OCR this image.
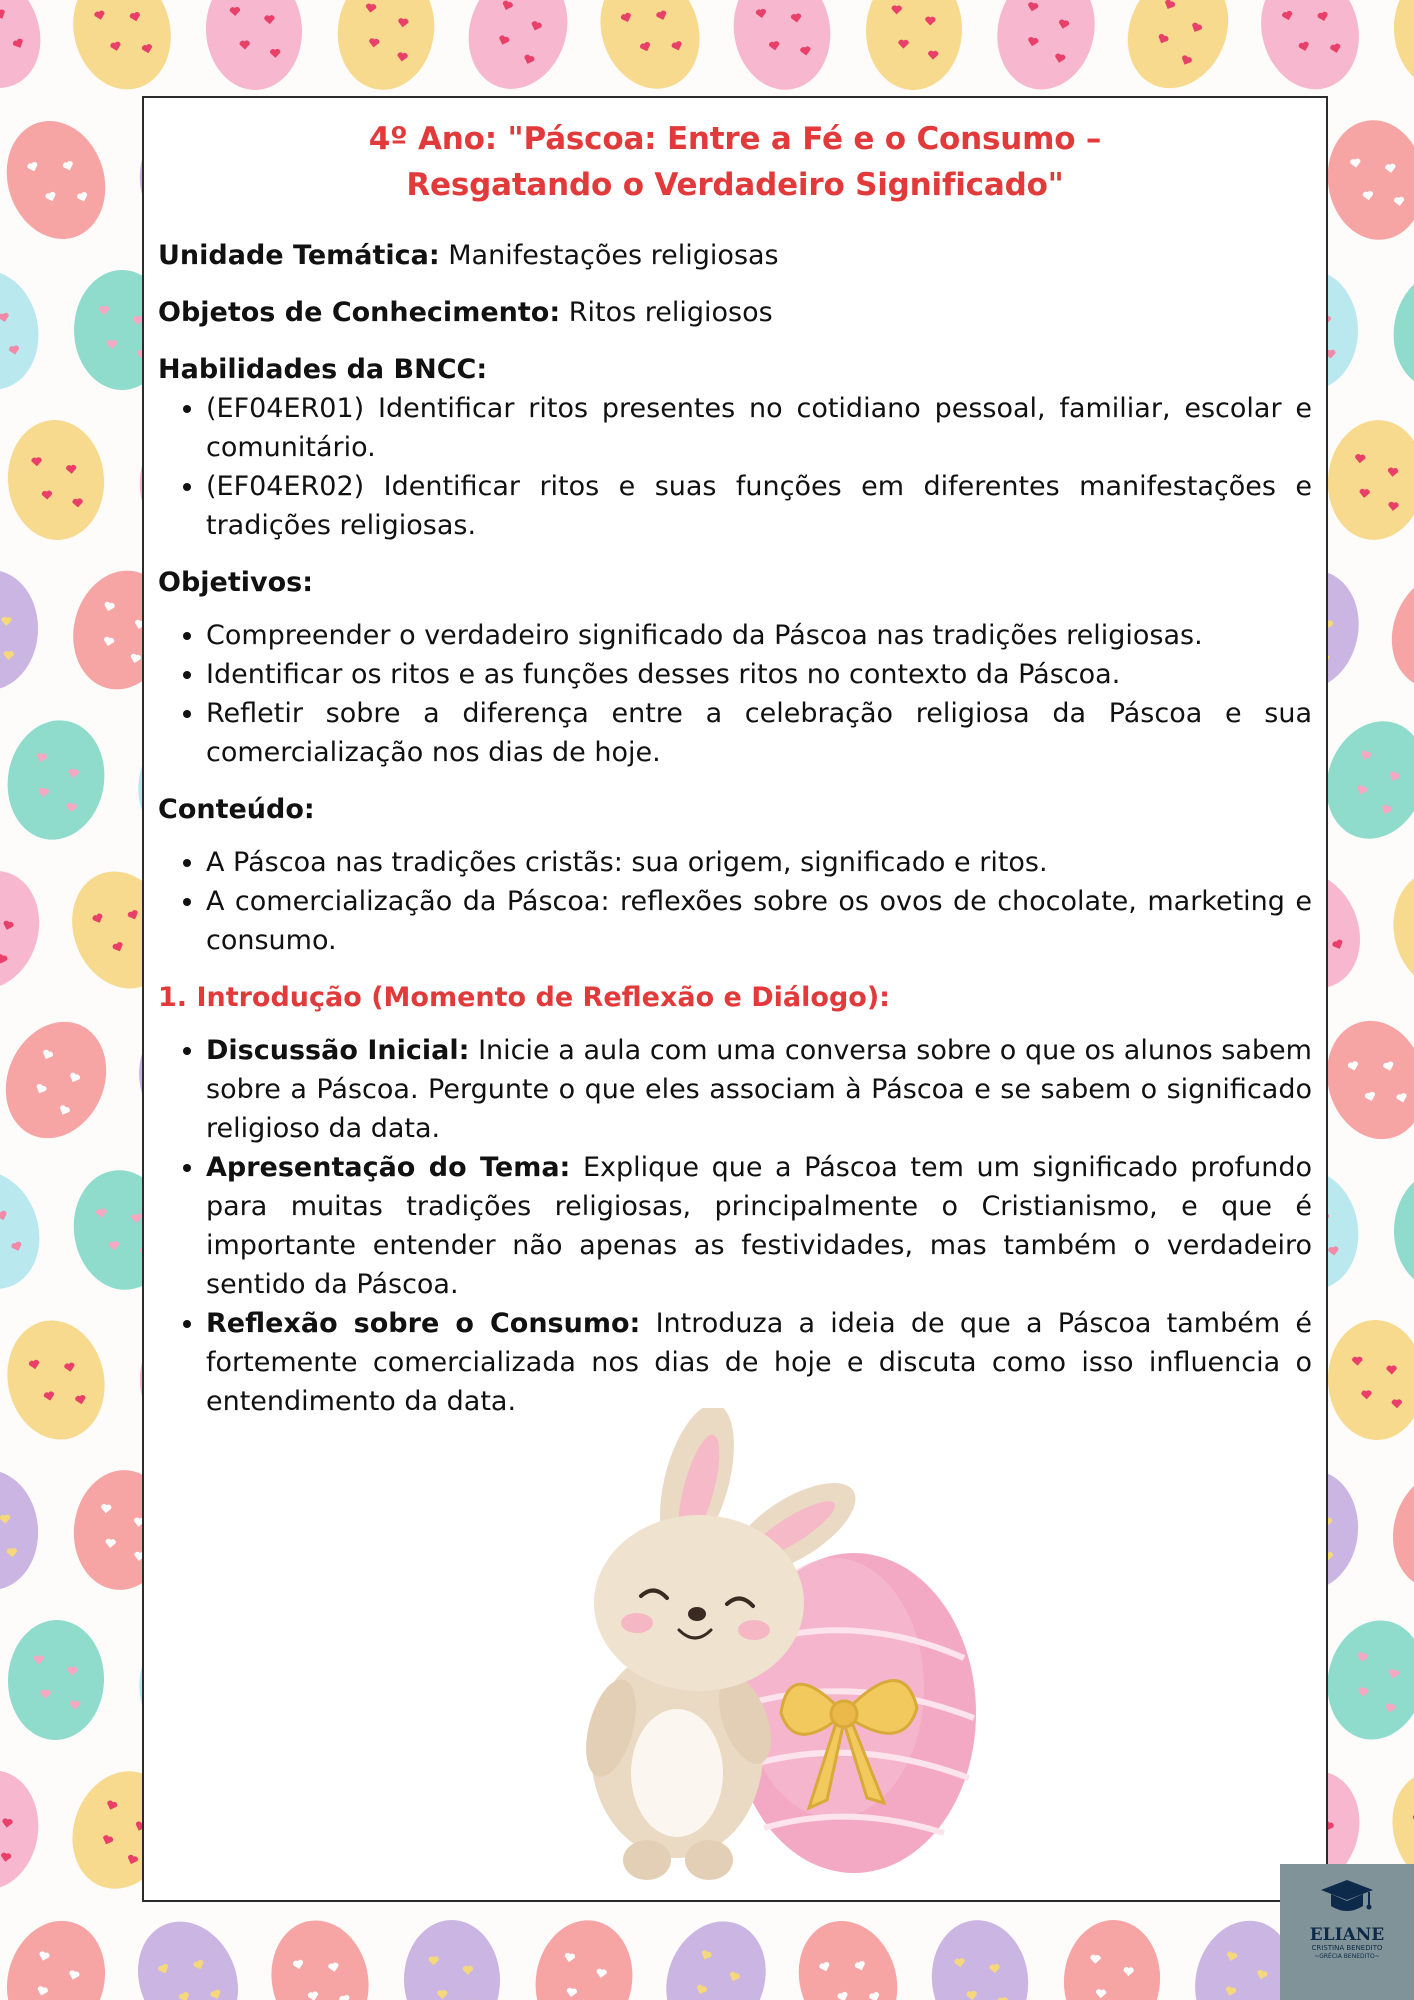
4º Ano: "Páscoa: Entre a Fé e o Consumo –
Resgatando o Verdadeiro Significado"

Unidade Temática: Manifestações religiosas

Objetos de Conhecimento: Ritos religiosos

Habilidades da BNCC:

• (EF04ER01) Identificar ritos presentes no cotidiano pessoal, familiar, escolar e comunitário.
• (EF04ER02) Identificar ritos e suas funções em diferentes manifestações e tradições religiosas.

Objetivos:

• Compreender o verdadeiro significado da Páscoa nas tradições religiosas.
• Identificar os ritos e as funções desses ritos no contexto da Páscoa.
• Refletir sobre a diferença entre a celebração religiosa da Páscoa e sua comercialização nos dias de hoje.

Conteúdo:

• A Páscoa nas tradições cristãs: sua origem, significado e ritos.
• A comercialização da Páscoa: reflexões sobre os ovos de chocolate, marketing e consumo.

1. Introdução (Momento de Reflexão e Diálogo):

• Discussão Inicial: Inicie a aula com uma conversa sobre o que os alunos sabem sobre a Páscoa. Pergunte o que eles associam à Páscoa e se sabem o significado religioso da data.
• Apresentação do Tema: Explique que a Páscoa tem um significado profundo para muitas tradições religiosas, principalmente o Cristianismo, e que é importante entender não apenas as festividades, mas também o verdadeiro sentido da Páscoa.
• Reflexão sobre o Consumo: Introduza a ideia de que a Páscoa também é fortemente comercializada nos dias de hoje e discuta como isso influencia o entendimento da data.
ELIANE
CRISTINA BENEDITO
~GRÉCIA BENEDITO~
